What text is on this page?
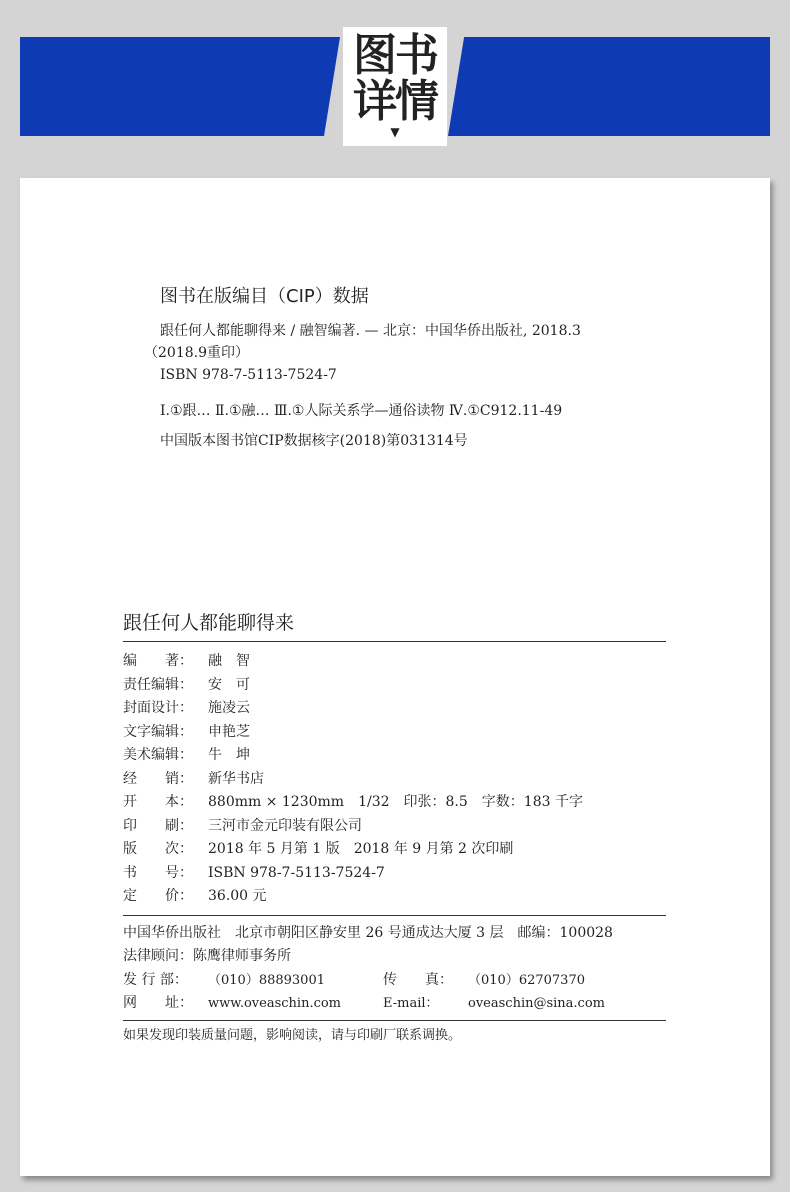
图书
详情
▼
图书在版编目（CIP）数据

跟任何人都能聊得来 / 融智编著. — 北京：中国华侨出版社, 2018.3

（2018.9重印）

ISBN 978-7-5113-7524-7

Ⅰ.①跟… Ⅱ.①融… Ⅲ.①人际关系学—通俗读物 Ⅳ.①C912.11-49

中国版本图书馆CIP数据核字(2018)第031314号

跟任何人都能聊得来
编　　著：	融　智
责任编辑：	安　可
封面设计：	施凌云
文字编辑：	申艳芝
美术编辑：	牛　坤
经　　销：	新华书店
开　　本：	880mm × 1230mm　1/32　印张：8.5　字数：183 千字
印　　刷：	三河市金元印装有限公司
版　　次：	2018 年 5 月第 1 版　2018 年 9 月第 2 次印刷
书　　号：	ISBN 978-7-5113-7524-7
定　　价：	36.00 元
中国华侨出版社　北京市朝阳区静安里 26 号通成达大厦 3 层　邮编：100028
法律顾问：陈鹰律师事务所
发 行 部：	（010）88893001	传　　真：	（010）62707370
网　　址：	www.oveaschin.com	E-mail：	oveaschin@sina.com
如果发现印装质量问题，影响阅读，请与印刷厂联系调换。
